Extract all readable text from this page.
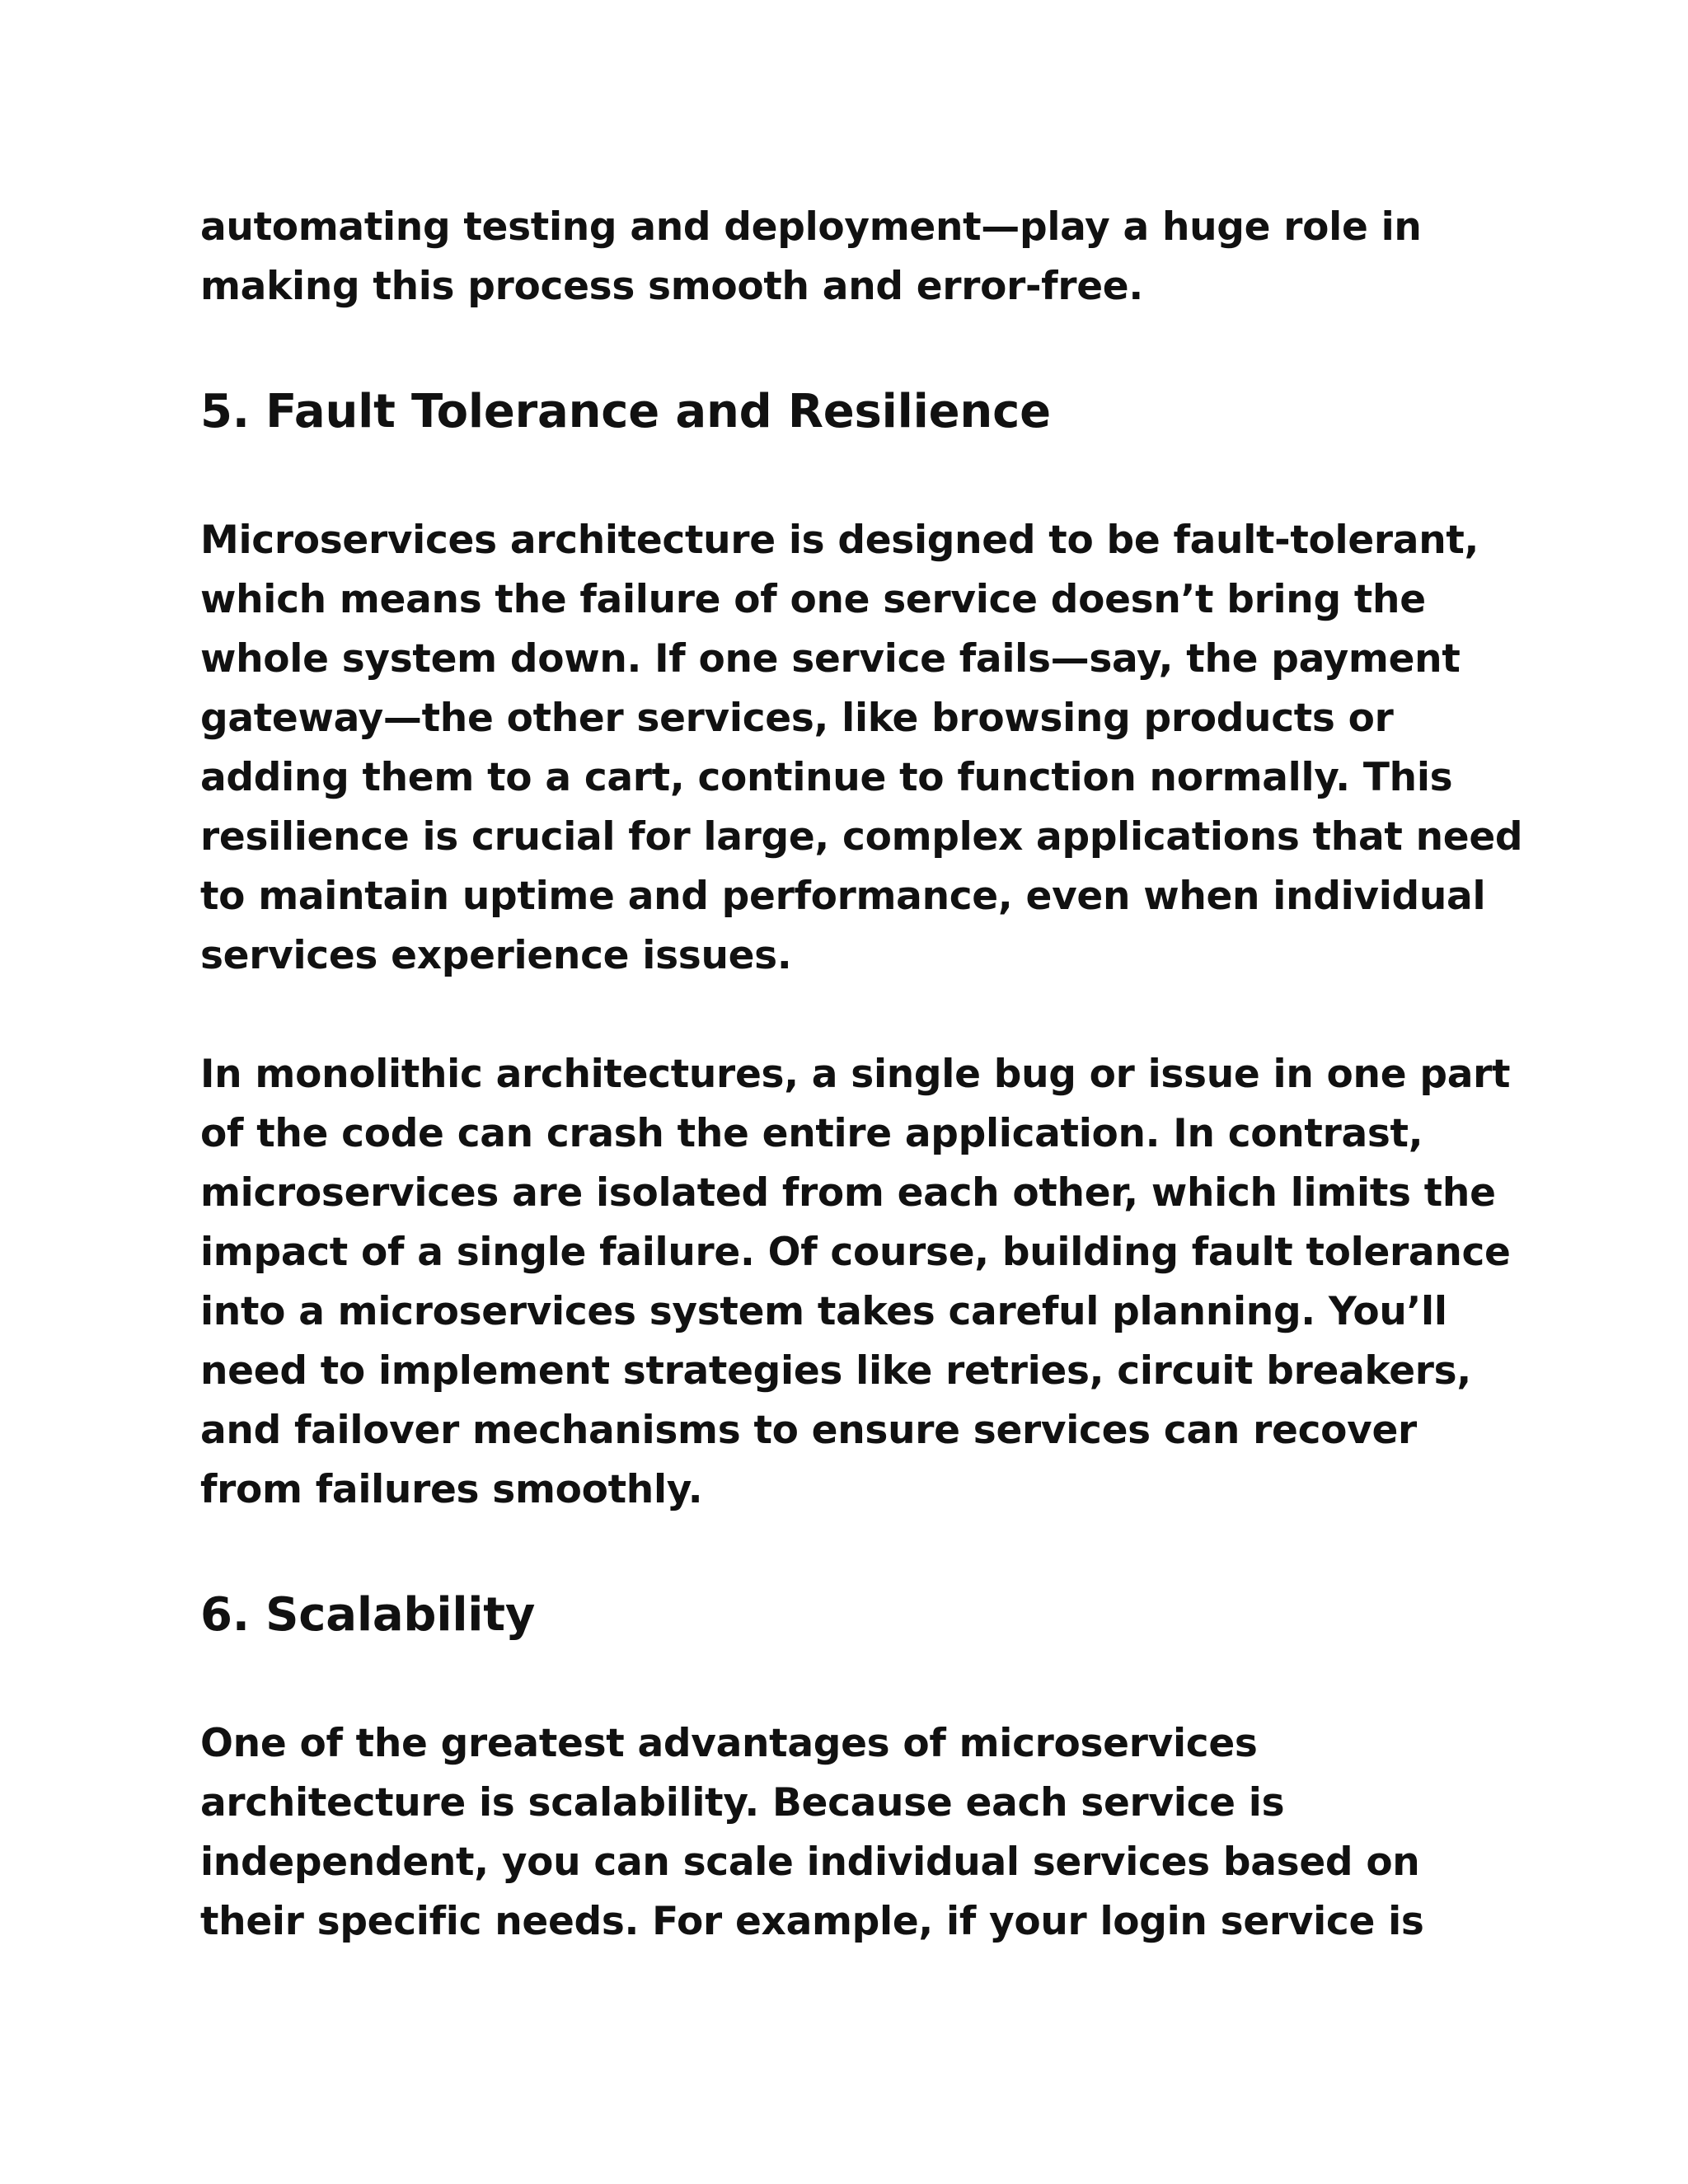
automating testing and deployment—play a huge role in
making this process smooth and error-free.

5. Fault Tolerance and Resilience

Microservices architecture is designed to be fault-tolerant,
which means the failure of one service doesn’t bring the
whole system down. If one service fails—say, the payment
gateway—the other services, like browsing products or
adding them to a cart, continue to function normally. This
resilience is crucial for large, complex applications that need
to maintain uptime and performance, even when individual
services experience issues.

In monolithic architectures, a single bug or issue in one part
of the code can crash the entire application. In contrast,
microservices are isolated from each other, which limits the
impact of a single failure. Of course, building fault tolerance
into a microservices system takes careful planning. You’ll
need to implement strategies like retries, circuit breakers,
and failover mechanisms to ensure services can recover
from failures smoothly.

6. Scalability

One of the greatest advantages of microservices
architecture is scalability. Because each service is
independent, you can scale individual services based on
their specific needs. For example, if your login service is
